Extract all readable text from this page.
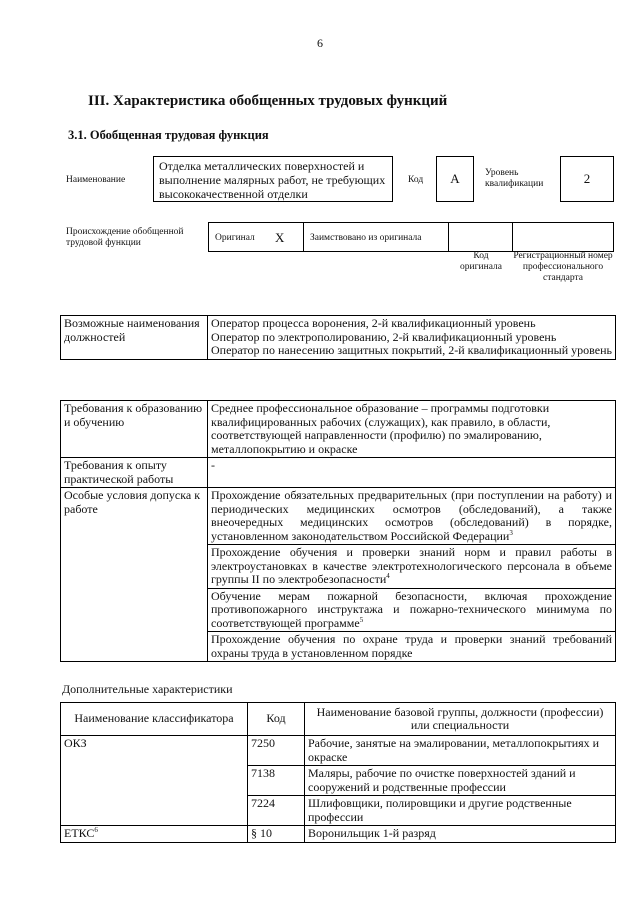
6
III. Характеристика обобщенных трудовых функций
3.1. Обобщенная трудовая функция
Наименование
Отделка металлических поверхностей и выполнение малярных работ, не требующих высококачественной отделки
Код A	Уровень квалификации	2
Происхождение обобщенной трудовой функции	Оригинал X	Заимствовано из оригинала
Код оригинала
Регистрационный номер профессионального стандарта
Возможные наименования должностей	
Оператор процесса воронения, 2-й квалификационный уровень
Оператор по электрополированию, 2-й квалификационный уровень
Оператор по нанесению защитных покрытий, 2-й квалификационный уровень
Требования к образованию и обучению	Среднее профессиональное образование – программы подготовки квалифицированных рабочих (служащих), как правило, в области, соответствующей направленности (профилю) по эмалированию, металлопокрытию и окраске
Требования к опыту практической работы	-
Особые условия допуска к работе	Прохождение обязательных предварительных (при поступлении на работу) и периодических медицинских осмотров (обследований), а также внеочередных медицинских осмотров (обследований) в порядке, установленном законодательством Российской Федерации$^3$
	Прохождение обучения и проверки знаний норм и правил работы в электроустановках в качестве электротехнологического персонала в объеме группы II по электробезопасности$^4$
	Обучение мерам пожарной безопасности, включая прохождение противопожарного инструктажа и пожарно-технического минимума по соответствующей программе$^5$
	Прохождение обучения по охране труда и проверки знаний требований охраны труда в установленном порядке
Дополнительные характеристики
Наименование классификатора	Код	Наименование базовой группы, должности (профессии) или специальности
ОКЗ	7250	Рабочие, занятые на эмалировании, металлопокрытиях и окраске
	7138	Маляры, рабочие по очистке поверхностей зданий и сооружений и родственные профессии
	7224	Шлифовщики, полировщики и другие родственные профессии
ЕТКС$^6$	§ 10	Воронильщик 1-й разряд
